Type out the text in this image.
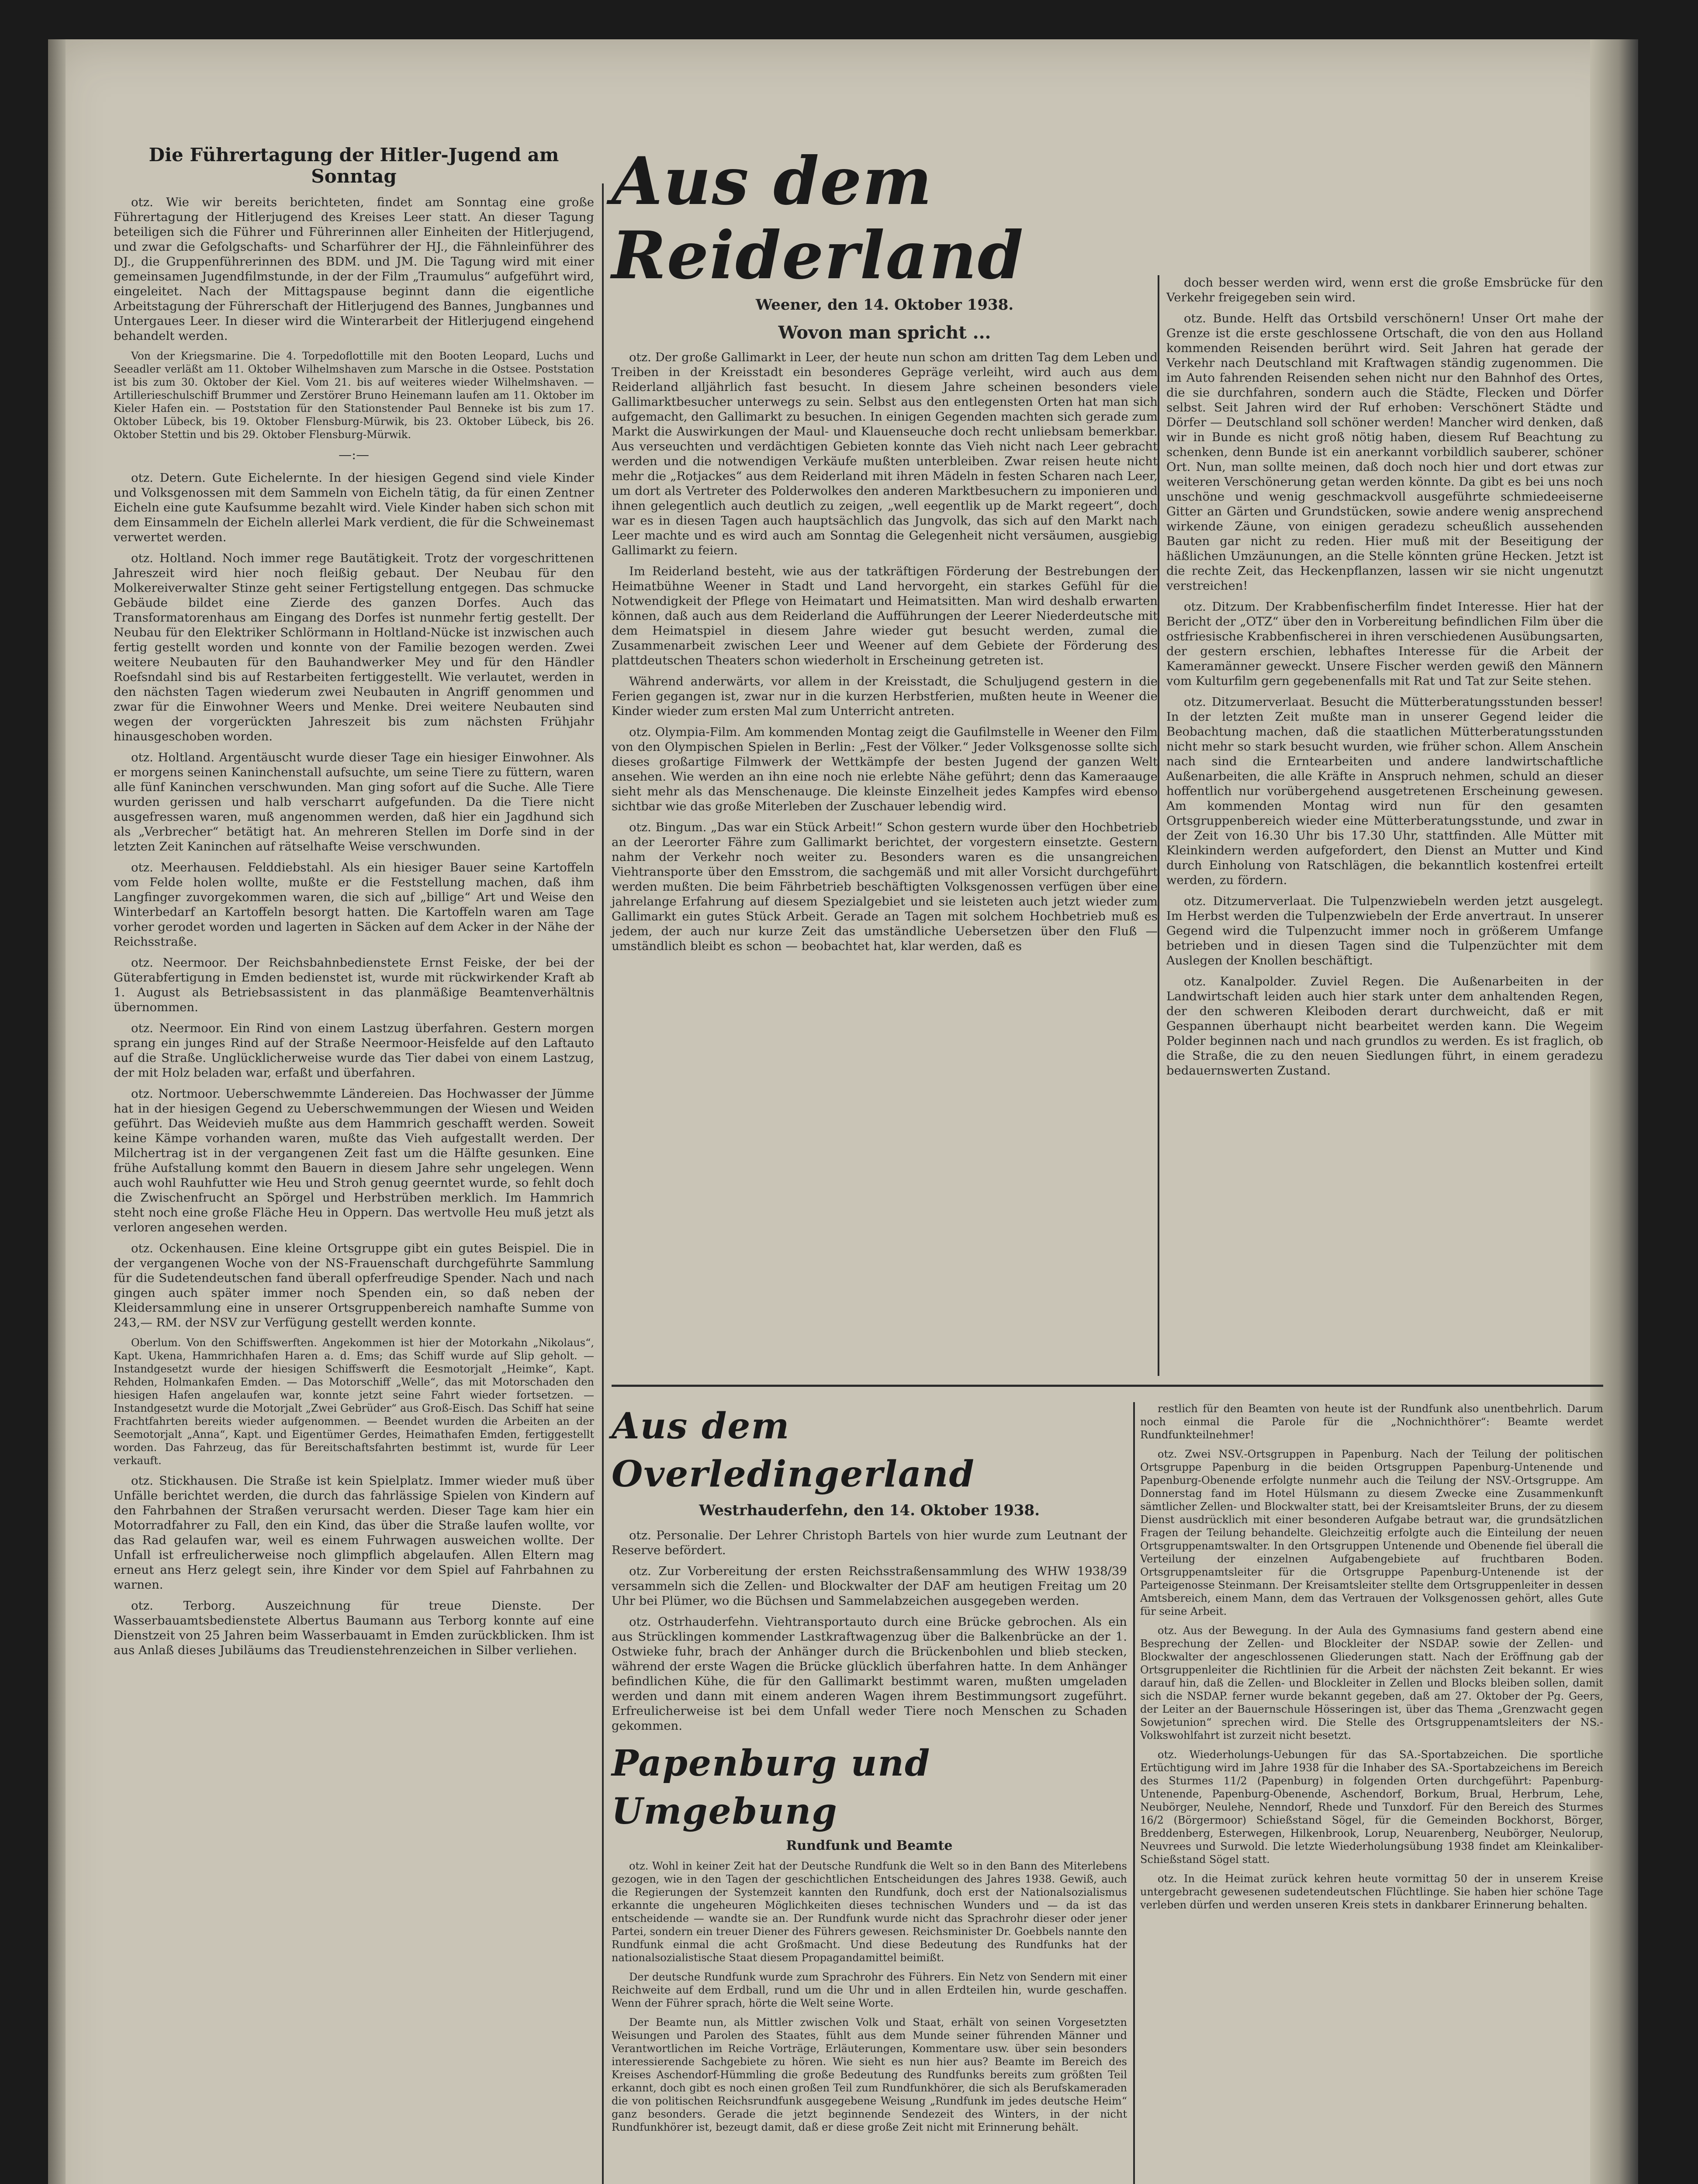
Die Führertagung der Hitler-Jugend am Sonntag

otz. Wie wir bereits berichteten, findet am Sonntag eine große Führertagung der Hitlerjugend des Kreises Leer statt. An dieser Tagung beteiligen sich die Führer und Führerinnen aller Einheiten der Hitlerjugend, und zwar die Gefolgschafts- und Scharführer der HJ., die Fähnleinführer des DJ., die Gruppenführerinnen des BDM. und JM. Die Tagung wird mit einer gemeinsamen Jugendfilmstunde, in der der Film „Traumulus“ aufgeführt wird, eingeleitet. Nach der Mittagspause beginnt dann die eigentliche Arbeitstagung der Führerschaft der Hitlerjugend des Bannes, Jungbannes und Untergaues Leer. In dieser wird die Winterarbeit der Hitlerjugend eingehend behandelt werden.

Von der Kriegsmarine. Die 4. Torpedoflottille mit den Booten Leopard, Luchs und Seeadler verläßt am 11. Oktober Wilhelmshaven zum Marsche in die Ostsee. Poststation ist bis zum 30. Oktober der Kiel. Vom 21. bis auf weiteres wieder Wilhelmshaven. — Artillerieschulschiff Brummer und Zerstörer Bruno Heinemann laufen am 11. Oktober im Kieler Hafen ein. — Poststation für den Stationstender Paul Benneke ist bis zum 17. Oktober Lübeck, bis 19. Oktober Flensburg-Mürwik, bis 23. Oktober Lübeck, bis 26. Oktober Stettin und bis 29. Oktober Flensburg-Mürwik.

—:—

otz. Detern. Gute Eichelernte. In der hiesigen Gegend sind viele Kinder und Volksgenossen mit dem Sammeln von Eicheln tätig, da für einen Zentner Eicheln eine gute Kaufsumme bezahlt wird. Viele Kinder haben sich schon mit dem Einsammeln der Eicheln allerlei Mark verdient, die für die Schweinemast verwertet werden.

otz. Holtland. Noch immer rege Bautätigkeit. Trotz der vorgeschrittenen Jahreszeit wird hier noch fleißig gebaut. Der Neubau für den Molkereiverwalter Stinze geht seiner Fertigstellung entgegen. Das schmucke Gebäude bildet eine Zierde des ganzen Dorfes. Auch das Transformatorenhaus am Eingang des Dorfes ist nunmehr fertig gestellt. Der Neubau für den Elektriker Schlörmann in Holtland-Nücke ist inzwischen auch fertig gestellt worden und konnte von der Familie bezogen werden. Zwei weitere Neubauten für den Bauhandwerker Mey und für den Händler Roefsndahl sind bis auf Restarbeiten fertiggestellt. Wie verlautet, werden in den nächsten Tagen wiederum zwei Neubauten in Angriff genommen und zwar für die Einwohner Weers und Menke. Drei weitere Neubauten sind wegen der vorgerückten Jahreszeit bis zum nächsten Frühjahr hinausgeschoben worden.

otz. Holtland. Argentäuscht wurde dieser Tage ein hiesiger Einwohner. Als er morgens seinen Kaninchenstall aufsuchte, um seine Tiere zu füttern, waren alle fünf Kaninchen verschwunden. Man ging sofort auf die Suche. Alle Tiere wurden gerissen und halb verscharrt aufgefunden. Da die Tiere nicht ausgefressen waren, muß angenommen werden, daß hier ein Jagdhund sich als „Verbrecher“ betätigt hat. An mehreren Stellen im Dorfe sind in der letzten Zeit Kaninchen auf rätselhafte Weise verschwunden.

otz. Meerhausen. Felddiebstahl. Als ein hiesiger Bauer seine Kartoffeln vom Felde holen wollte, mußte er die Feststellung machen, daß ihm Langfinger zuvorgekommen waren, die sich auf „billige“ Art und Weise den Winterbedarf an Kartoffeln besorgt hatten. Die Kartoffeln waren am Tage vorher gerodet worden und lagerten in Säcken auf dem Acker in der Nähe der Reichsstraße.

otz. Neermoor. Der Reichsbahnbedienstete Ernst Feiske, der bei der Güterabfertigung in Emden bedienstet ist, wurde mit rückwirkender Kraft ab 1. August als Betriebsassistent in das planmäßige Beamtenverhältnis übernommen.

otz. Neermoor. Ein Rind von einem Lastzug überfahren. Gestern morgen sprang ein junges Rind auf der Straße Neermoor-Heisfelde auf den Laftauto auf die Straße. Unglücklicherweise wurde das Tier dabei von einem Lastzug, der mit Holz beladen war, erfaßt und überfahren.

otz. Nortmoor. Ueberschwemmte Ländereien. Das Hochwasser der Jümme hat in der hiesigen Gegend zu Ueberschwemmungen der Wiesen und Weiden geführt. Das Weidevieh mußte aus dem Hammrich geschafft werden. Soweit keine Kämpe vorhanden waren, mußte das Vieh aufgestallt werden. Der Milchertrag ist in der vergangenen Zeit fast um die Hälfte gesunken. Eine frühe Aufstallung kommt den Bauern in diesem Jahre sehr ungelegen. Wenn auch wohl Rauhfutter wie Heu und Stroh genug geerntet wurde, so fehlt doch die Zwischenfrucht an Spörgel und Herbstrüben merklich. Im Hammrich steht noch eine große Fläche Heu in Oppern. Das wertvolle Heu muß jetzt als verloren angesehen werden.

otz. Ockenhausen. Eine kleine Ortsgruppe gibt ein gutes Beispiel. Die in der vergangenen Woche von der NS-Frauenschaft durchgeführte Sammlung für die Sudetendeutschen fand überall opferfreudige Spender. Nach und nach gingen auch später immer noch Spenden ein, so daß neben der Kleidersammlung eine in unserer Ortsgruppenbereich namhafte Summe von 243,— RM. der NSV zur Verfügung gestellt werden konnte.

Oberlum. Von den Schiffswerften. Angekommen ist hier der Motorkahn „Nikolaus“, Kapt. Ukena, Hammrichhafen Haren a. d. Ems; das Schiff wurde auf Slip geholt. — Instandgesetzt wurde der hiesigen Schiffswerft die Eesmotorjalt „Heimke“, Kapt. Rehden, Holmankafen Emden. — Das Motorschiff „Welle“, das mit Motorschaden den hiesigen Hafen angelaufen war, konnte jetzt seine Fahrt wieder fortsetzen. — Instandgesetzt wurde die Motorjalt „Zwei Gebrüder“ aus Groß-Eisch. Das Schiff hat seine Frachtfahrten bereits wieder aufgenommen. — Beendet wurden die Arbeiten an der Seemotorjalt „Anna“, Kapt. und Eigentümer Gerdes, Heimathafen Emden, fertiggestellt worden. Das Fahrzeug, das für Bereitschaftsfahrten bestimmt ist, wurde für Leer verkauft.

otz. Stickhausen. Die Straße ist kein Spielplatz. Immer wieder muß über Unfälle berichtet werden, die durch das fahrlässige Spielen von Kindern auf den Fahrbahnen der Straßen verursacht werden. Dieser Tage kam hier ein Motorradfahrer zu Fall, den ein Kind, das über die Straße laufen wollte, vor das Rad gelaufen war, weil es einem Fuhrwagen ausweichen wollte. Der Unfall ist erfreulicherweise noch glimpflich abgelaufen. Allen Eltern mag erneut ans Herz gelegt sein, ihre Kinder vor dem Spiel auf Fahrbahnen zu warnen.

otz. Terborg. Auszeichnung für treue Dienste. Der Wasserbauamtsbedienstete Albertus Baumann aus Terborg konnte auf eine Dienstzeit von 25 Jahren beim Wasserbauamt in Emden zurückblicken. Ihm ist aus Anlaß dieses Jubiläums das Treudienstehrenzeichen in Silber verliehen.

Aus dem Reiderland
Weener, den 14. Oktober 1938.
Wovon man spricht ...

otz. Der große Gallimarkt in Leer, der heute nun schon am dritten Tag dem Leben und Treiben in der Kreisstadt ein besonderes Gepräge verleiht, wird auch aus dem Reiderland alljährlich fast besucht. In diesem Jahre scheinen besonders viele Gallimarktbesucher unterwegs zu sein. Selbst aus den entlegensten Orten hat man sich aufgemacht, den Gallimarkt zu besuchen. In einigen Gegenden machten sich gerade zum Markt die Auswirkungen der Maul- und Klauenseuche doch recht unliebsam bemerkbar. Aus verseuchten und verdächtigen Gebieten konnte das Vieh nicht nach Leer gebracht werden und die notwendigen Verkäufe mußten unterbleiben. Zwar reisen heute nicht mehr die „Rotjackes“ aus dem Reiderland mit ihren Mädeln in festen Scharen nach Leer, um dort als Vertreter des Polderwolkes den anderen Marktbesuchern zu imponieren und ihnen gelegentlich auch deutlich zu zeigen, „well eegentlik up de Markt regeert“, doch war es in diesen Tagen auch hauptsächlich das Jungvolk, das sich auf den Markt nach Leer machte und es wird auch am Sonntag die Gelegenheit nicht versäumen, ausgiebig Gallimarkt zu feiern.

Im Reiderland besteht, wie aus der tatkräftigen Förderung der Bestrebungen der Heimatbühne Weener in Stadt und Land hervorgeht, ein starkes Gefühl für die Notwendigkeit der Pflege von Heimatart und Heimatsitten. Man wird deshalb erwarten können, daß auch aus dem Reiderland die Aufführungen der Leerer Niederdeutsche mit dem Heimatspiel in diesem Jahre wieder gut besucht werden, zumal die Zusammenarbeit zwischen Leer und Weener auf dem Gebiete der Förderung des plattdeutschen Theaters schon wiederholt in Erscheinung getreten ist.

Während anderwärts, vor allem in der Kreisstadt, die Schuljugend gestern in die Ferien gegangen ist, zwar nur in die kurzen Herbstferien, mußten heute in Weener die Kinder wieder zum ersten Mal zum Unterricht antreten.

otz. Olympia-Film. Am kommenden Montag zeigt die Gaufilmstelle in Weener den Film von den Olympischen Spielen in Berlin: „Fest der Völker.“ Jeder Volksgenosse sollte sich dieses großartige Filmwerk der Wettkämpfe der besten Jugend der ganzen Welt ansehen. Wie werden an ihn eine noch nie erlebte Nähe geführt; denn das Kameraauge sieht mehr als das Menschenauge. Die kleinste Einzelheit jedes Kampfes wird ebenso sichtbar wie das große Miterleben der Zuschauer lebendig wird.

otz. Bingum. „Das war ein Stück Arbeit!“ Schon gestern wurde über den Hochbetrieb an der Leerorter Fähre zum Gallimarkt berichtet, der vorgestern einsetzte. Gestern nahm der Verkehr noch weiter zu. Besonders waren es die unsangreichen Viehtransporte über den Emsstrom, die sachgemäß und mit aller Vorsicht durchgeführt werden mußten. Die beim Fährbetrieb beschäftigten Volksgenossen verfügen über eine jahrelange Erfahrung auf diesem Spezialgebiet und sie leisteten auch jetzt wieder zum Gallimarkt ein gutes Stück Arbeit. Gerade an Tagen mit solchem Hochbetrieb muß es jedem, der auch nur kurze Zeit das umständliche Uebersetzen über den Fluß — umständlich bleibt es schon — beobachtet hat, klar werden, daß es

doch besser werden wird, wenn erst die große Emsbrücke für den Verkehr freigegeben sein wird.

otz. Bunde. Helft das Ortsbild verschönern! Unser Ort mahe der Grenze ist die erste geschlossene Ortschaft, die von den aus Holland kommenden Reisenden berührt wird. Seit Jahren hat gerade der Verkehr nach Deutschland mit Kraftwagen ständig zugenommen. Die im Auto fahrenden Reisenden sehen nicht nur den Bahnhof des Ortes, die sie durchfahren, sondern auch die Städte, Flecken und Dörfer selbst. Seit Jahren wird der Ruf erhoben: Verschönert Städte und Dörfer — Deutschland soll schöner werden! Mancher wird denken, daß wir in Bunde es nicht groß nötig haben, diesem Ruf Beachtung zu schenken, denn Bunde ist ein anerkannt vorbildlich sauberer, schöner Ort. Nun, man sollte meinen, daß doch noch hier und dort etwas zur weiteren Verschönerung getan werden könnte. Da gibt es bei uns noch unschöne und wenig geschmackvoll ausgeführte schmiedeeiserne Gitter an Gärten und Grundstücken, sowie andere wenig ansprechend wirkende Zäune, von einigen geradezu scheußlich aussehenden Bauten gar nicht zu reden. Hier muß mit der Beseitigung der häßlichen Umzäunungen, an die Stelle könnten grüne Hecken. Jetzt ist die rechte Zeit, das Heckenpflanzen, lassen wir sie nicht ungenutzt verstreichen!

otz. Ditzum. Der Krabbenfischerfilm findet Interesse. Hier hat der Bericht der „OTZ“ über den in Vorbereitung befindlichen Film über die ostfriesische Krabbenfischerei in ihren verschiedenen Ausübungsarten, der gestern erschien, lebhaftes Interesse für die Arbeit der Kameramänner geweckt. Unsere Fischer werden gewiß den Männern vom Kulturfilm gern gegebenenfalls mit Rat und Tat zur Seite stehen.

otz. Ditzumerverlaat. Besucht die Mütterberatungsstunden besser! In der letzten Zeit mußte man in unserer Gegend leider die Beobachtung machen, daß die staatlichen Mütterberatungsstunden nicht mehr so stark besucht wurden, wie früher schon. Allem Anschein nach sind die Erntearbeiten und andere landwirtschaftliche Außenarbeiten, die alle Kräfte in Anspruch nehmen, schuld an dieser hoffentlich nur vorübergehend ausgetretenen Erscheinung gewesen. Am kommenden Montag wird nun für den gesamten Ortsgruppenbereich wieder eine Mütterberatungsstunde, und zwar in der Zeit von 16.30 Uhr bis 17.30 Uhr, stattfinden. Alle Mütter mit Kleinkindern werden aufgefordert, den Dienst an Mutter und Kind durch Einholung von Ratschlägen, die bekanntlich kostenfrei erteilt werden, zu fördern.

otz. Ditzumerverlaat. Die Tulpenzwiebeln werden jetzt ausgelegt. Im Herbst werden die Tulpenzwiebeln der Erde anvertraut. In unserer Gegend wird die Tulpenzucht immer noch in größerem Umfange betrieben und in diesen Tagen sind die Tulpenzüchter mit dem Auslegen der Knollen beschäftigt.

otz. Kanalpolder. Zuviel Regen. Die Außenarbeiten in der Landwirtschaft leiden auch hier stark unter dem anhaltenden Regen, der den schweren Kleiboden derart durchweicht, daß er mit Gespannen überhaupt nicht bearbeitet werden kann. Die Wegeim Polder beginnen nach und nach grundlos zu werden. Es ist fraglich, ob die Straße, die zu den neuen Siedlungen führt, in einem geradezu bedauernswerten Zustand.

Aus dem Overledingerland
Westrhauderfehn, den 14. Oktober 1938.

otz. Personalie. Der Lehrer Christoph Bartels von hier wurde zum Leutnant der Reserve befördert.

otz. Zur Vorbereitung der ersten Reichsstraßensammlung des WHW 1938/39 versammeln sich die Zellen- und Blockwalter der DAF am heutigen Freitag um 20 Uhr bei Plümer, wo die Büchsen und Sammelabzeichen ausgegeben werden.

otz. Ostrhauderfehn. Viehtransportauto durch eine Brücke gebrochen. Als ein aus Strücklingen kommender Lastkraftwagenzug über die Balkenbrücke an der 1. Ostwieke fuhr, brach der Anhänger durch die Brückenbohlen und blieb stecken, während der erste Wagen die Brücke glücklich überfahren hatte. In dem Anhänger befindlichen Kühe, die für den Gallimarkt bestimmt waren, mußten umgeladen werden und dann mit einem anderen Wagen ihrem Bestimmungsort zugeführt. Erfreulicherweise ist bei dem Unfall weder Tiere noch Menschen zu Schaden gekommen.

Papenburg und Umgebung
Rundfunk und Beamte

otz. Wohl in keiner Zeit hat der Deutsche Rundfunk die Welt so in den Bann des Miterlebens gezogen, wie in den Tagen der geschichtlichen Entscheidungen des Jahres 1938. Gewiß, auch die Regierungen der Systemzeit kannten den Rundfunk, doch erst der Nationalsozialismus erkannte die ungeheuren Möglichkeiten dieses technischen Wunders und — da ist das entscheidende — wandte sie an. Der Rundfunk wurde nicht das Sprachrohr dieser oder jener Partei, sondern ein treuer Diener des Führers gewesen. Reichsminister Dr. Goebbels nannte den Rundfunk einmal die acht Großmacht. Und diese Bedeutung des Rundfunks hat der nationalsozialistische Staat diesem Propagandamittel beimißt.

Der deutsche Rundfunk wurde zum Sprachrohr des Führers. Ein Netz von Sendern mit einer Reichweite auf dem Erdball, rund um die Uhr und in allen Erdteilen hin, wurde geschaffen. Wenn der Führer sprach, hörte die Welt seine Worte.

Der Beamte nun, als Mittler zwischen Volk und Staat, erhält von seinen Vorgesetzten Weisungen und Parolen des Staates, fühlt aus dem Munde seiner führenden Männer und Verantwortlichen im Reiche Vorträge, Erläuterungen, Kommentare usw. über sein besonders interessierende Sachgebiete zu hören. Wie sieht es nun hier aus? Beamte im Bereich des Kreises Aschendorf-Hümmling die große Bedeutung des Rundfunks bereits zum größten Teil erkannt, doch gibt es noch einen großen Teil zum Rundfunkhörer, die sich als Berufskameraden die von politischen Reichsrundfunk ausgegebene Weisung „Rundfunk im jedes deutsche Heim“ ganz besonders. Gerade die jetzt beginnende Sendezeit des Winters, in der nicht Rundfunkhörer ist, bezeugt damit, daß er diese große Zeit nicht mit Erinnerung behält.

restlich für den Beamten von heute ist der Rundfunk also unentbehrlich. Darum noch einmal die Parole für die „Nochnichthörer“: Beamte werdet Rundfunkteilnehmer!

otz. Zwei NSV.-Ortsgruppen in Papenburg. Nach der Teilung der politischen Ortsgruppe Papenburg in die beiden Ortsgruppen Papenburg-Untenende und Papenburg-Obenende erfolgte nunmehr auch die Teilung der NSV.-Ortsgruppe. Am Donnerstag fand im Hotel Hülsmann zu diesem Zwecke eine Zusammenkunft sämtlicher Zellen- und Blockwalter statt, bei der Kreisamtsleiter Bruns, der zu diesem Dienst ausdrücklich mit einer besonderen Aufgabe betraut war, die grundsätzlichen Fragen der Teilung behandelte. Gleichzeitig erfolgte auch die Einteilung der neuen Ortsgruppenamtswalter. In den Ortsgruppen Untenende und Obenende fiel überall die Verteilung der einzelnen Aufgabengebiete auf fruchtbaren Boden. Ortsgruppenamtsleiter für die Ortsgruppe Papenburg-Untenende ist der Parteigenosse Steinmann. Der Kreisamtsleiter stellte dem Ortsgruppenleiter in dessen Amtsbereich, einem Mann, dem das Vertrauen der Volksgenossen gehört, alles Gute für seine Arbeit.

otz. Aus der Bewegung. In der Aula des Gymnasiums fand gestern abend eine Besprechung der Zellen- und Blockleiter der NSDAP. sowie der Zellen- und Blockwalter der angeschlossenen Gliederungen statt. Nach der Eröffnung gab der Ortsgruppenleiter die Richtlinien für die Arbeit der nächsten Zeit bekannt. Er wies darauf hin, daß die Zellen- und Blockleiter in Zellen und Blocks bleiben sollen, damit sich die NSDAP. ferner wurde bekannt gegeben, daß am 27. Oktober der Pg. Geers, der Leiter an der Bauernschule Hösseringen ist, über das Thema „Grenzwacht gegen Sowjetunion“ sprechen wird. Die Stelle des Ortsgruppenamtsleiters der NS.-Volkswohlfahrt ist zurzeit nicht besetzt.

otz. Wiederholungs-Uebungen für das SA.-Sportabzeichen. Die sportliche Ertüchtigung wird im Jahre 1938 für die Inhaber des SA.-Sportabzeichens im Bereich des Sturmes 11/2 (Papenburg) in folgenden Orten durchgeführt: Papenburg-Untenende, Papenburg-Obenende, Aschendorf, Borkum, Brual, Herbrum, Lehe, Neubörger, Neulehe, Nenndorf, Rhede und Tunxdorf. Für den Bereich des Sturmes 16/2 (Börgermoor) Schießstand Sögel, für die Gemeinden Bockhorst, Börger, Breddenberg, Esterwegen, Hilkenbrook, Lorup, Neuarenberg, Neubörger, Neulorup, Neuvrees und Surwold. Die letzte Wiederholungsübung 1938 findet am Kleinkaliber-Schießstand Sögel statt.

otz. In die Heimat zurück kehren heute vormittag 50 der in unserem Kreise untergebracht gewesenen sudetendeutschen Flüchtlinge. Sie haben hier schöne Tage verleben dürfen und werden unseren Kreis stets in dankbarer Erinnerung behalten.
